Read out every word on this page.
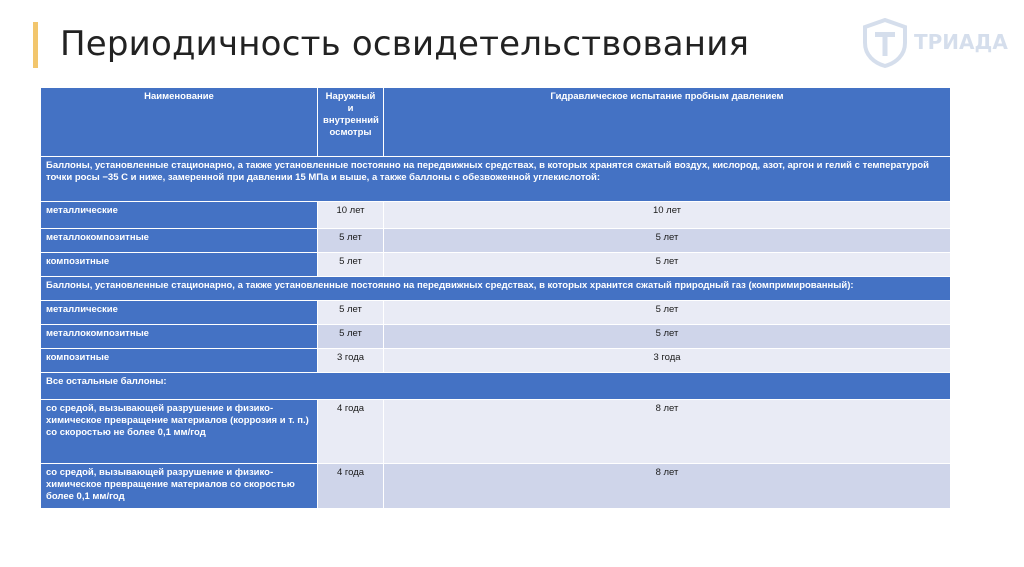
Периодичность освидетельствования	ТРИАДА
Наименование	Наружный и внутренний осмотры	Гидравлическое испытание пробным давлением
Баллоны, установленные стационарно, а также установленные постоянно на передвижных средствах, в которых хранятся сжатый воздух, кислород, азот, аргон и гелий с температурой точки росы −35 С и ниже, замеренной при давлении 15 МПа и выше, а также баллоны с обезвоженной углекислотой:		
металлические	10 лет	10 лет
металлокомпозитные	5 лет	5 лет
композитные	5 лет	5 лет
Баллоны, установленные стационарно, а также установленные постоянно на передвижных средствах, в которых хранится сжатый природный газ (компримированный):		
металлические	5 лет	5 лет
металлокомпозитные	5 лет	5 лет
композитные	3 года	3 года
Все остальные баллоны:		
со средой, вызывающей разрушение и физико-химическое превращение материалов (коррозия и т. п.) со скоростью не более 0,1 мм/год	4 года	8 лет
со средой, вызывающей разрушение и физико-химическое превращение материалов со скоростью более 0,1 мм/год	4 года	8 лет
